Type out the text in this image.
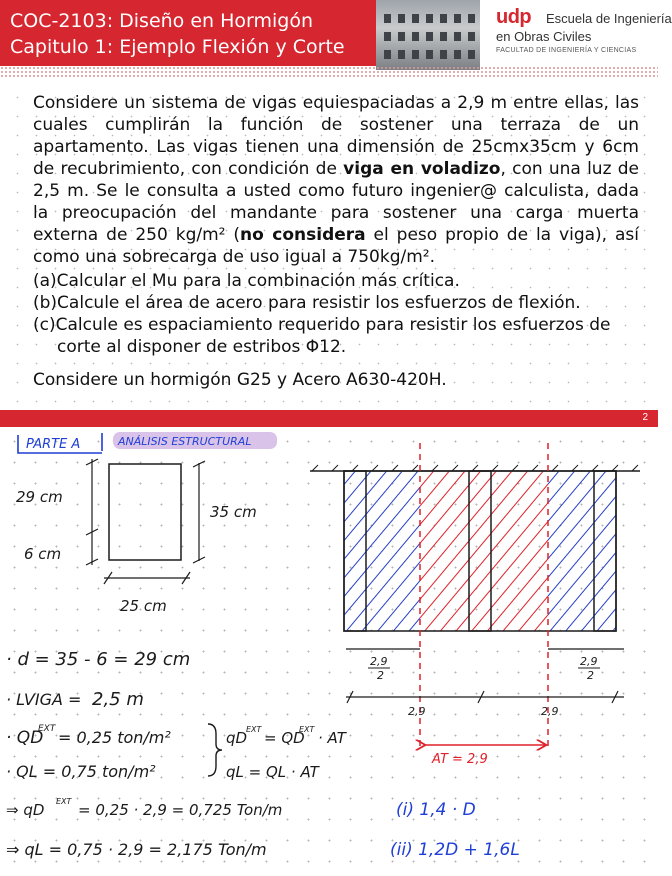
COC-2103: Diseño en Hormigón
Capitulo 1: Ejemplo Flexión y Corte
udp Escuela de Ingeniería
en Obras Civiles
FACULTAD DE INGENIERÍA Y CIENCIAS
Considere un sistema de vigas equiespaciadas a 2,9 m entre ellas, las cuales cumplirán la función de sostener una terraza de un apartamento. Las vigas tienen una dimensión de 25cmx35cm y 6cm de recubrimiento, con condición de viga en voladizo, con una luz de 2,5 m. Se le consulta a usted como futuro ingenier@ calculista, dada la preocupación del mandante para sostener una carga muerta externa de 250 kg/m² (no considera el peso propio de la viga), así como una sobrecarga de uso igual a 750kg/m².
(a)Calcular el Mu para la combinación más crítica.
(b)Calcule el área de acero para resistir los esfuerzos de flexión.
(c)Calcule es espaciamiento requerido para resistir los esfuerzos de
corte al disponer de estribos Φ12.
Considere un hormigón G25 y Acero A630-420H.
2
PARTE A	ANÁLISIS ESTRUCTURAL
29 cm
6 cm
35 cm
25 cm
2,9
2
2,9
2
2,9	2,9
AT = 2,9
· d = 35 - 6 = 29 cm
· LVIGA = 2,5 m
· QD
EXT = 0,25 ton/m²
· QL = 0,75 ton/m²
qD
EXT = QD
EXT · AT
qL = QL · AT
⇒ qD EXT = 0,25 · 2,9 = 0,725 Ton/m
⇒ qL = 0,75 · 2,9 = 2,175 Ton/m
(i) 1,4 · D
(ii) 1,2D + 1,6L
